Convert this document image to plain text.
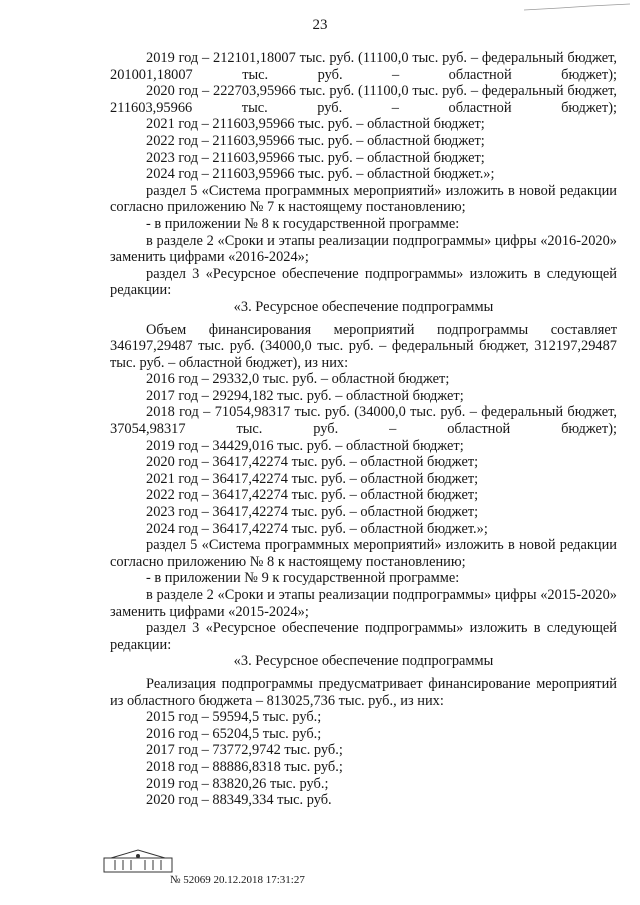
23

2019 год – 212101,18007 тыс. руб. (11100,0 тыс. руб. – федеральный бюджет, 201001,18007 тыс. руб. – областной бюджет);

2020 год – 222703,95966 тыс. руб. (11100,0 тыс. руб. – федеральный бюджет, 211603,95966 тыс. руб. – областной бюджет);

2021 год – 211603,95966 тыс. руб. – областной бюджет;

2022 год – 211603,95966 тыс. руб. – областной бюджет;

2023 год – 211603,95966 тыс. руб. – областной бюджет;

2024 год – 211603,95966 тыс. руб. – областной бюджет.»;

раздел 5 «Система программных мероприятий» изложить в новой редакции согласно приложению № 7 к настоящему постановлению;

- в приложении № 8 к государственной программе:

в разделе 2 «Сроки и этапы реализации подпрограммы» цифры «2016-2020» заменить цифрами «2016-2024»;

раздел 3 «Ресурсное обеспечение подпрограммы» изложить в следующей редакции:

«3. Ресурсное обеспечение подпрограммы

Объем финансирования мероприятий подпрограммы составляет 346197,29487 тыс. руб. (34000,0 тыс. руб. – федеральный бюджет, 312197,29487 тыс. руб. – областной бюджет), из них:

2016 год – 29332,0 тыс. руб. – областной бюджет;

2017 год – 29294,182 тыс. руб. – областной бюджет;

2018 год – 71054,98317 тыс. руб. (34000,0 тыс. руб. – федеральный бюджет, 37054,98317 тыс. руб. – областной бюджет);

2019 год – 34429,016 тыс. руб. – областной бюджет;

2020 год – 36417,42274 тыс. руб. – областной бюджет;

2021 год – 36417,42274 тыс. руб. – областной бюджет;

2022 год – 36417,42274 тыс. руб. – областной бюджет;

2023 год – 36417,42274 тыс. руб. – областной бюджет;

2024 год – 36417,42274 тыс. руб. – областной бюджет.»;

раздел 5 «Система программных мероприятий» изложить в новой редакции согласно приложению № 8 к настоящему постановлению;

- в приложении № 9 к государственной программе:

в разделе 2 «Сроки и этапы реализации подпрограммы» цифры «2015-2020» заменить цифрами «2015-2024»;

раздел 3 «Ресурсное обеспечение подпрограммы» изложить в следующей редакции:

«3. Ресурсное обеспечение подпрограммы

Реализация подпрограммы предусматривает финансирование мероприятий из областного бюджета – 813025,736 тыс. руб., из них:

2015 год – 59594,5 тыс. руб.;

2016 год – 65204,5 тыс. руб.;

2017 год – 73772,9742 тыс. руб.;

2018 год – 88886,8318 тыс. руб.;

2019 год – 83820,26 тыс. руб.;

2020 год – 88349,334 тыс. руб.

№ 52069 20.12.2018 17:31:27
